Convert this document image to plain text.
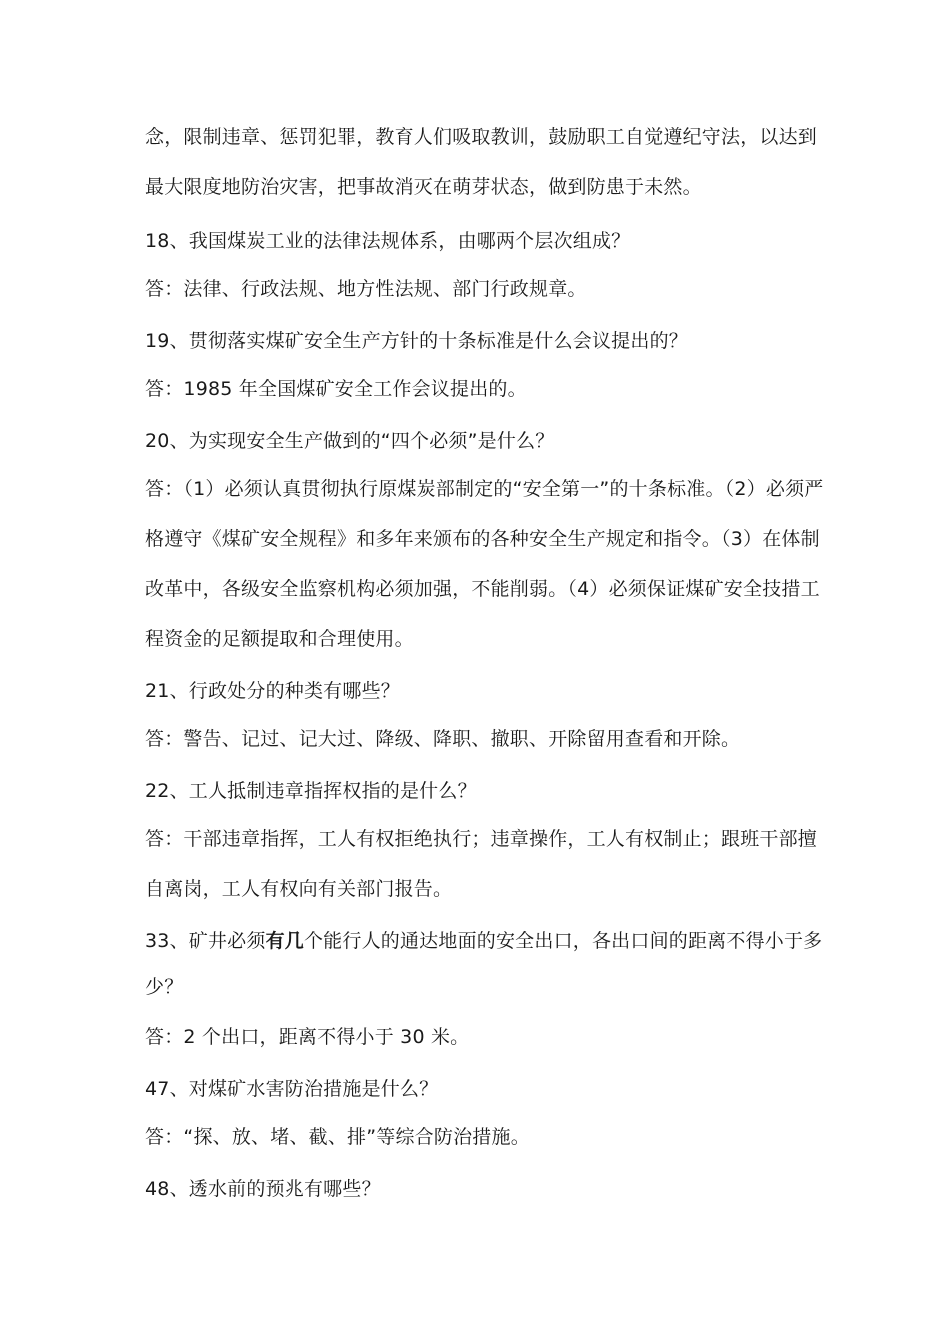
念，限制违章、惩罚犯罪，教育人们吸取教训，鼓励职工自觉遵纪守法，以达到
最大限度地防治灾害，把事故消灭在萌芽状态，做到防患于未然。
18、我国煤炭工业的法律法规体系，由哪两个层次组成？
答：法律、行政法规、地方性法规、部门行政规章。
19、贯彻落实煤矿安全生产方针的十条标准是什么会议提出的？
答：1985 年全国煤矿安全工作会议提出的。
20、为实现安全生产做到的“四个必须”是什么？
答：（1）必须认真贯彻执行原煤炭部制定的“安全第一”的十条标准。（2）必须严
格遵守《煤矿安全规程》和多年来颁布的各种安全生产规定和指令。（3）在体制
改革中，各级安全监察机构必须加强，不能削弱。（4）必须保证煤矿安全技措工
程资金的足额提取和合理使用。
21、行政处分的种类有哪些？
答：警告、记过、记大过、降级、降职、撤职、开除留用查看和开除。
22、工人抵制违章指挥权指的是什么？
答：干部违章指挥，工人有权拒绝执行；违章操作，工人有权制止；跟班干部擅
自离岗，工人有权向有关部门报告。
33、矿井必须有几个能行人的通达地面的安全出口，各出口间的距离不得小于多
少？
答：2 个出口，距离不得小于 30 米。
47、对煤矿水害防治措施是什么？
答：“探、放、堵、截、排”等综合防治措施。
48、透水前的预兆有哪些？
